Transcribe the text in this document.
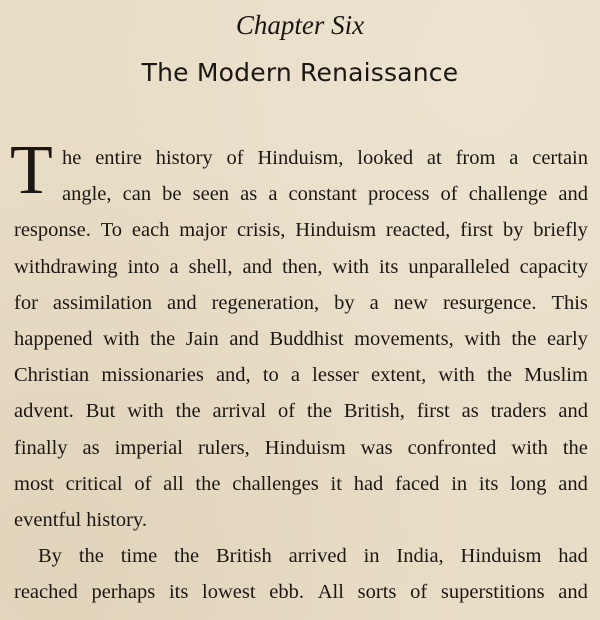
Chapter Six
The Modern Renaissance
T he entire history of Hinduism, looked at from a certain
angle, can be seen as a constant process of challenge and
response. To each major crisis, Hinduism reacted, first by briefly
withdrawing into a shell, and then, with its unparalleled capacity
for assimilation and regeneration, by a new resurgence. This
happened with the Jain and Buddhist movements, with the early
Christian missionaries and, to a lesser extent, with the Muslim
advent. But with the arrival of the British, first as traders and
finally as imperial rulers, Hinduism was confronted with the
most critical of all the challenges it had faced in its long and
eventful history.
By the time the British arrived in India, Hinduism had
reached perhaps its lowest ebb. All sorts of superstitions and
